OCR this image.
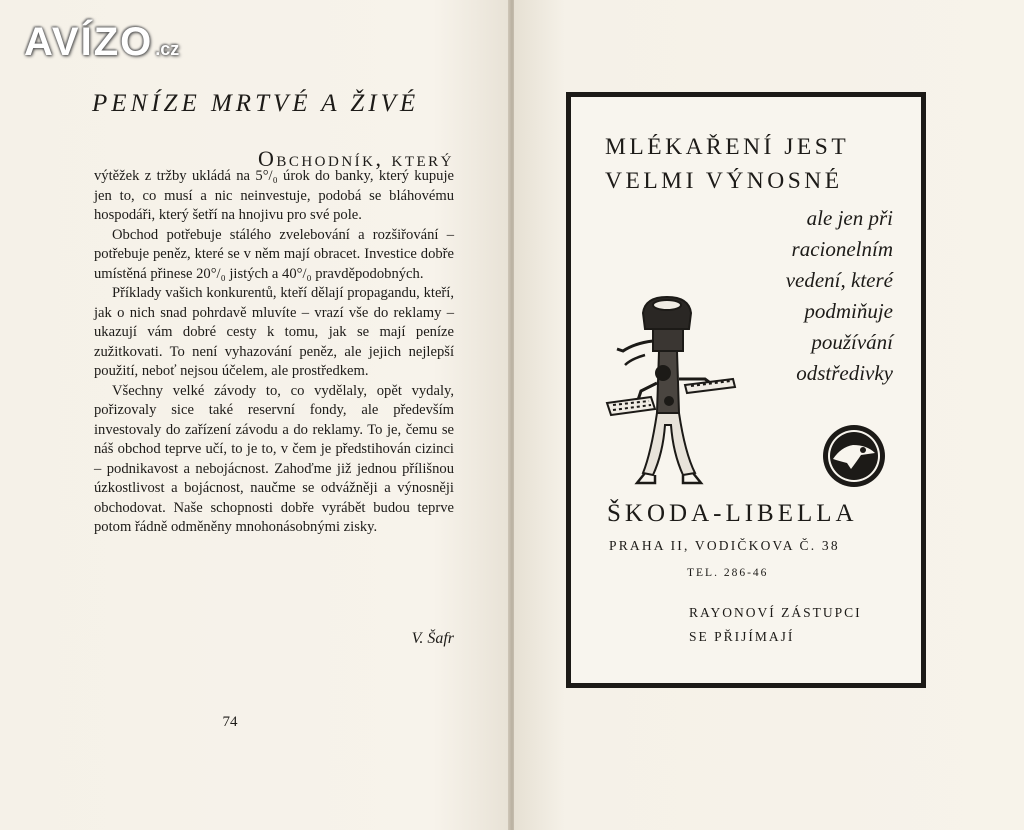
PENÍZE MRTVÉ A ŽIVÉ
Obchodník, který

výtěžek z tržby ukládá na 5°/₀ úrok do banky, který kupuje jen to, co musí a nic neinvestuje, podobá se bláhovému hospodáři, který šetří na hnojivu pro své pole.

Obchod potřebuje stálého zvelebování a rozšiřování – potřebuje peněz, které se v něm mají obracet. Investice dobře umístěná přinese 20°/₀ jistých a 40°/₀ pravděpodobných.

Příklady vašich konkurentů, kteří dělají propagandu, kteří, jak o nich snad pohrdavě mluvíte – vrazí vše do reklamy – ukazují vám dobré cesty k tomu, jak se mají peníze zužitkovati. To není vyhazování peněz, ale jejich nejlepší použití, neboť nejsou účelem, ale prostředkem.

Všechny velké závody to, co vydělaly, opět vydaly, pořizovaly sice také reservní fondy, ale především investovaly do zařízení závodu a do reklamy. To je, čemu se náš obchod teprve učí, to je to, v čem je předstihován cizinci – podnikavost a nebojácnost. Zahoďme již jednou přílišnou úzkostlivost a bojácnost, naučme se odvážněji a výnosněji obchodovat. Naše schopnosti dobře vyrábět budou teprve potom řádně odměněny mnohonásobnými zisky.

V. Šafr
74
MLÉKAŘENÍ JEST
VELMI VÝNOSNÉ
ale jen při
racionelním
vedení, které
podmiňuje
používání
odstředivky
ŠKODA-LIBELLA
PRAHA II, VODIČKOVA Č. 38
TEL. 286-46
RAYONOVÍ ZÁSTUPCI
SE PŘIJÍMAJÍ
AVÍZO .cz
